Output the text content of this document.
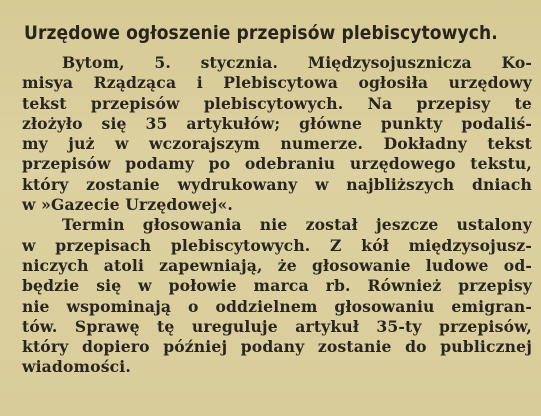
Urzędowe ogłoszenie przepisów plebiscytowych.
Bytom, 5. stycznia. Międzysojusznicza Ko-
misya Rządząca i Plebiscytowa ogłosiła urzędowy
tekst przepisów plebiscytowych. Na przepisy te
złożyło się 35 artykułów; główne punkty podaliś-
my już w wczorajszym numerze. Dokładny tekst
przepisów podamy po odebraniu urzędowego tekstu,
który zostanie wydrukowany w najbliższych dniach
w »Gazecie Urzędowej«.
Termin głosowania nie został jeszcze ustalony
w przepisach plebiscytowych. Z kół międzysojusz-
niczych atoli zapewniają, że głosowanie ludowe od-
będzie się w połowie marca rb. Również przepisy
nie wspominają o oddzielnem głosowaniu emigran-
tów. Sprawę tę ureguluje artykuł 35-ty przepisów,
który dopiero później podany zostanie do publicznej
wiadomości.
